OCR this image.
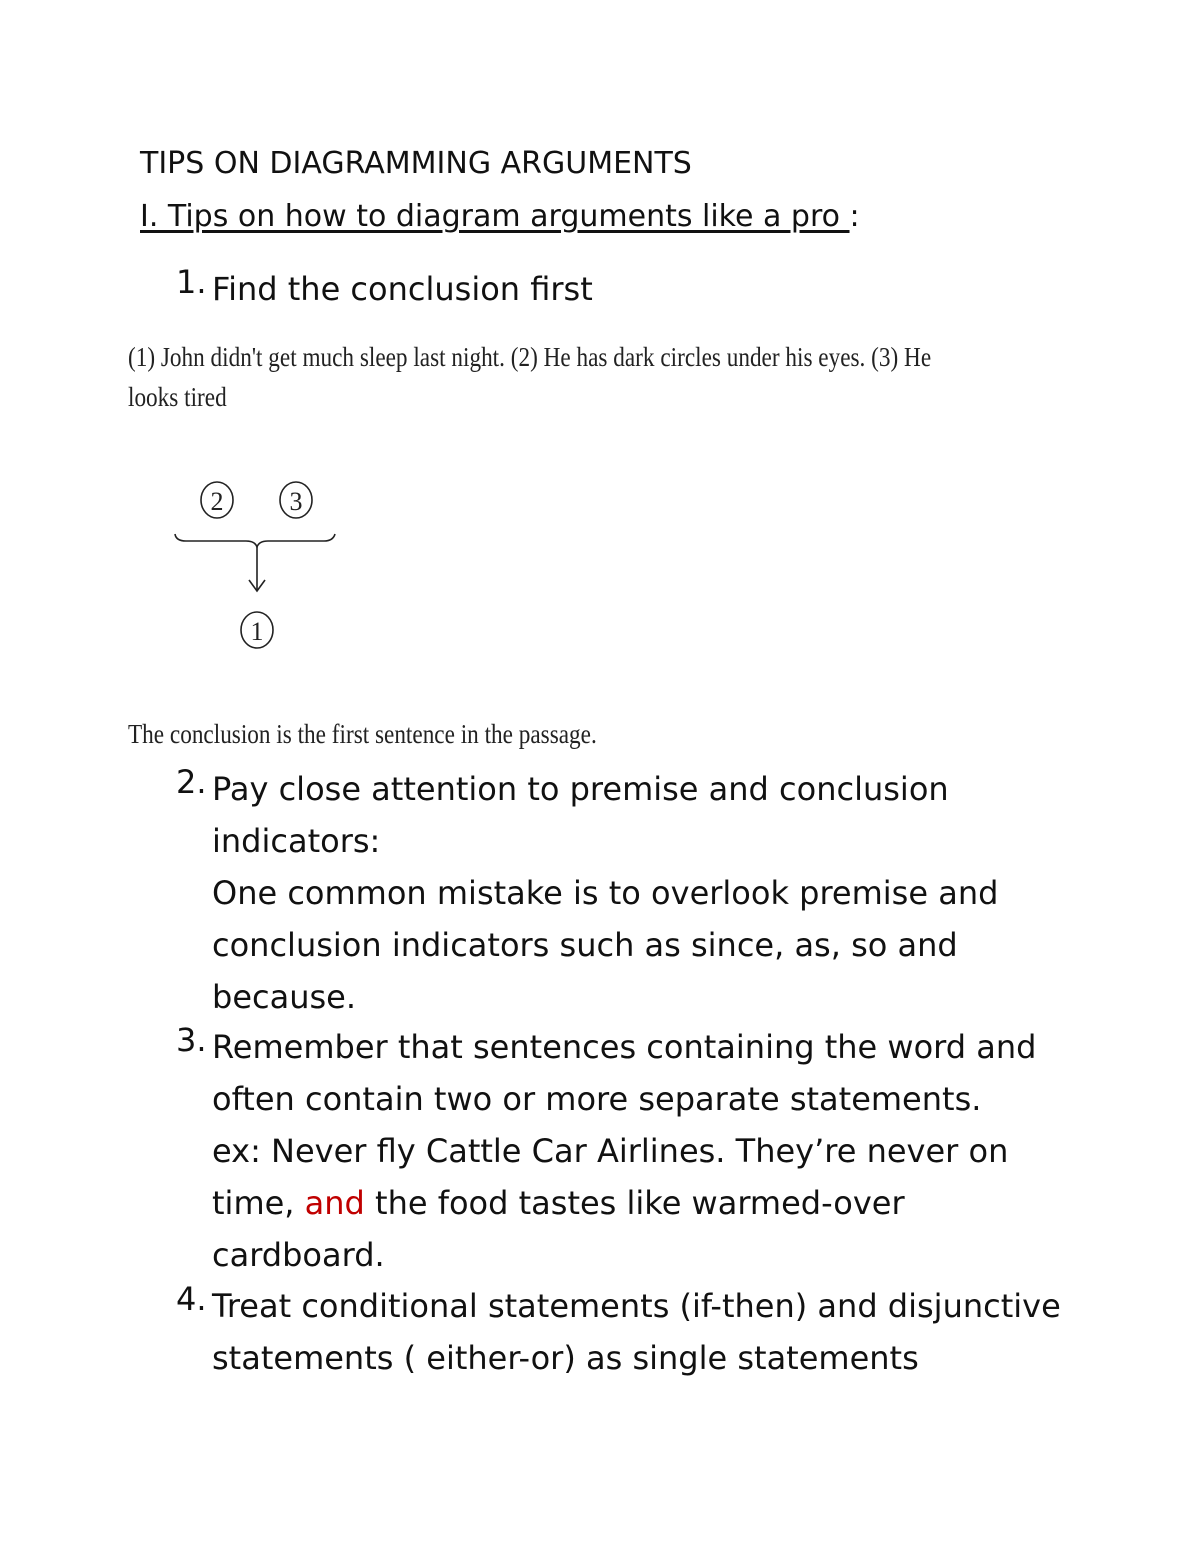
TIPS ON DIAGRAMMING ARGUMENTS
I. Tips on how to diagram arguments like a pro :
1. Find the conclusion first
(1) John didn't get much sleep last night. (2) He has dark circles under his eyes. (3) He
looks tired
2	3
1
The conclusion is the first sentence in the passage.
2. Pay close attention to premise and conclusion
indicators:
One common mistake is to overlook premise and
conclusion indicators such as since, as, so and
because.
3. Remember that sentences containing the word and
often contain two or more separate statements.
ex: Never fly Cattle Car Airlines. They’re never on
time, and the food tastes like warmed-over
cardboard.
4. Treat conditional statements (if-then) and disjunctive
statements ( either-or) as single statements
